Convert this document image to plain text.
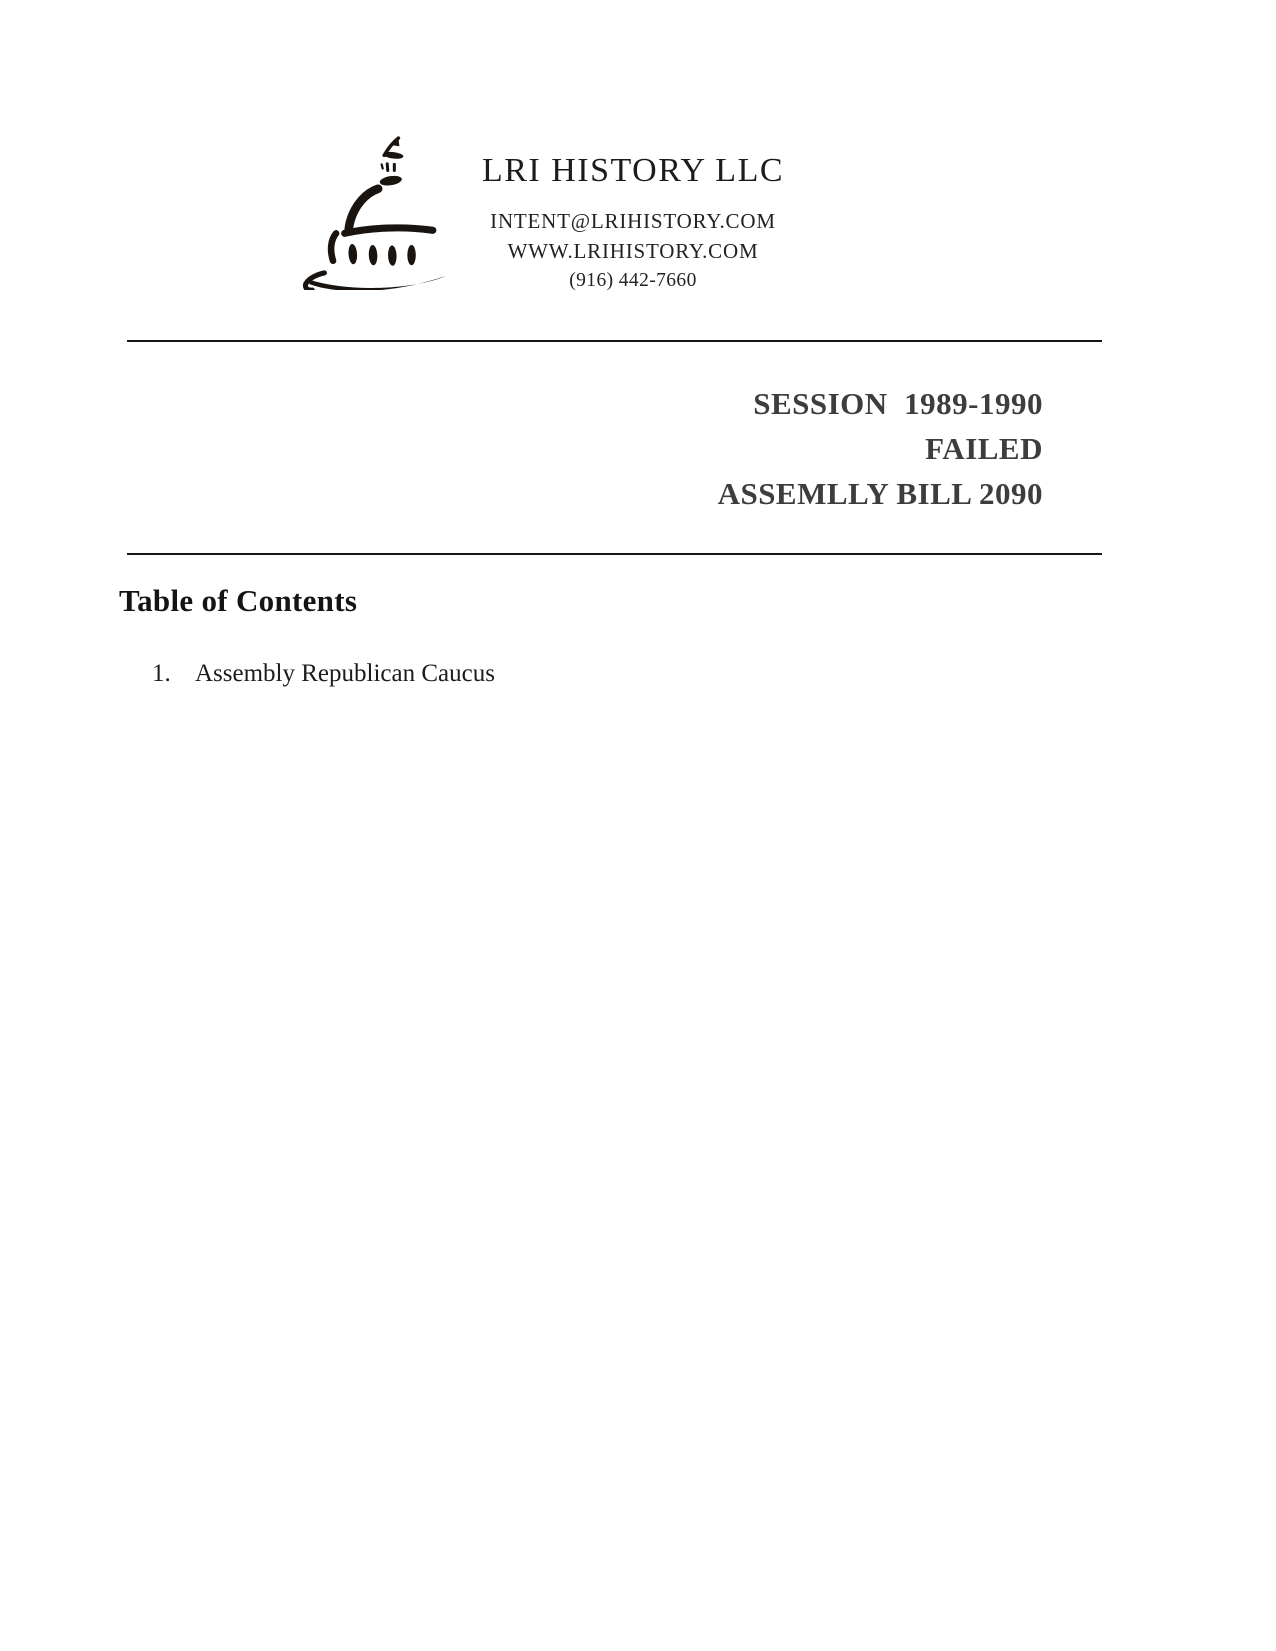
LRI HISTORY LLC
INTENT@LRIHISTORY.COM
WWW.LRIHISTORY.COM
(916) 442-7660
SESSION  1989-1990
FAILED
ASSEMLLY BILL 2090
Table of Contents
1. Assembly Republican Caucus
